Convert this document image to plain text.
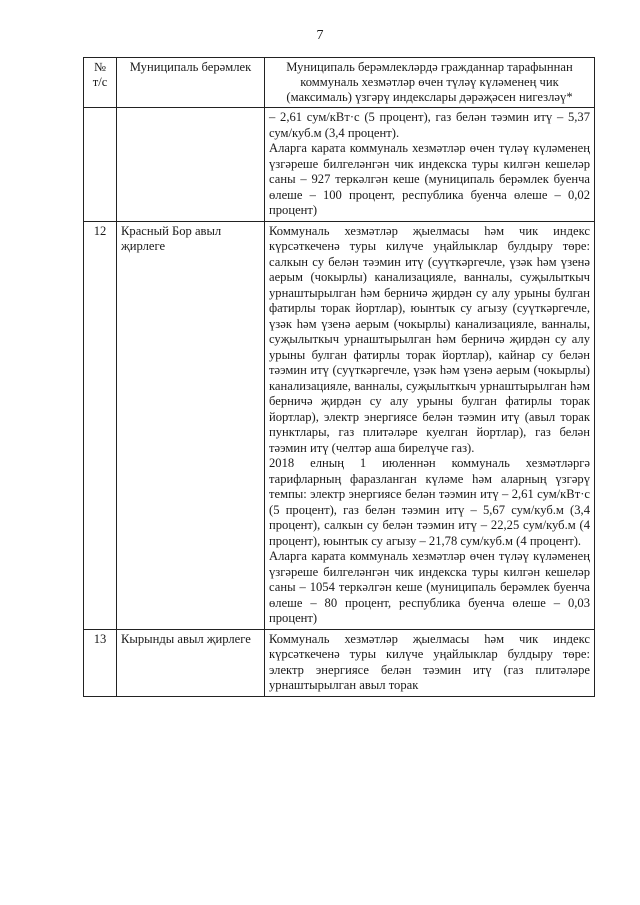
7
№ т/с	Муниципаль берәмлек	Муниципаль берәмлекләрдә гражданнар тарафыннан коммуналь хезмәтләр өчен түләү күләменең чик (максималь) үзгәрү индекслары дәрәҗәсен нигезләү*

		– 2,61 сум/кВт·с (5 процент), газ белән тәэмин итү – 5,37 сум/куб.м (3,4 процент).

Аларга карата коммуналь хезмәтләр өчен түләү күләменең үзгәреше билгеләнгән чик индекска туры килгән кешеләр саны – 927 теркәлгән кеше (муниципаль берәмлек буенча өлеше – 100 процент, республика буенча өлеше – 0,02 процент)

12	Красный Бор авыл җирлеге	Коммуналь хезмәтләр җыелмасы һәм чик индекс күрсәткеченә туры килүче уңайлыклар булдыру төре: салкын су белән тәэмин итү (суүткәргечле, үзәк һәм үзенә аерым (чокырлы) канализацияле, ванналы, суҗылыткыч урнаштырылган һәм берничә җирдән су алу урыны булган фатирлы торак йортлар), юынтык су агызу (суүткәргечле, үзәк һәм үзенә аерым (чокырлы) канализацияле, ванналы, суҗылыткыч урнаштырылган һәм берничә җирдән су алу урыны булган фатирлы торак йортлар), кайнар су белән тәэмин итү (суүткәргечле, үзәк һәм үзенә аерым (чокырлы) канализацияле, ванналы, суҗылыткыч урнаштырылган һәм берничә җирдән су алу урыны булган фатирлы торак йортлар), электр энергиясе белән тәэмин итү (авыл торак пунктлары, газ плитәләре куелган йортлар), газ белән тәэмин итү (челтәр аша бирелүче газ).

2018 елның 1 июленнән коммуналь хезмәтләргә тарифларның фаразланган күләме һәм аларның үзгәрү темпы: электр энергиясе белән тәэмин итү – 2,61 сум/кВт·с (5 процент), газ белән тәэмин итү – 5,67 сум/куб.м (3,4 процент), салкын су белән тәэмин итү – 22,25 сум/куб.м (4 процент), юынтык су агызу – 21,78 сум/куб.м (4 процент).

Аларга карата коммуналь хезмәтләр өчен түләү күләменең үзгәреше билгеләнгән чик индекска туры килгән кешеләр саны – 1054 теркәлгән кеше (муниципаль берәмлек буенча өлеше – 80 процент, республика буенча өлеше – 0,03 процент)

13	Кырынды авыл җирлеге	Коммуналь хезмәтләр җыелмасы һәм чик индекс күрсәткеченә туры килүче уңайлыклар булдыру төре: электр энергиясе белән тәэмин итү (газ плитәләре урнаштырылган авыл торак
